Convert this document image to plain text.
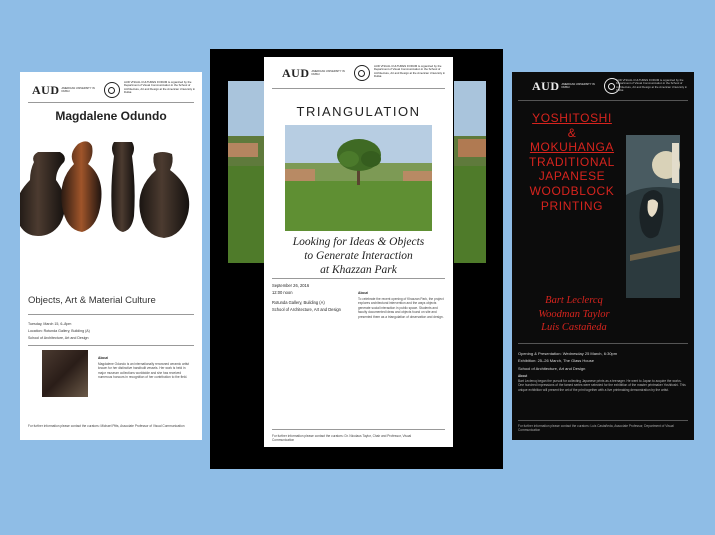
AUD AMERICAN UNIVERSITY IN DUBAI
AUD VISUAL CULTURES FORUM is organized by the Department of Visual Communication in the School of Architecture, Art and Design at the American University in Dubai.
Magdalene Odundo
Objects, Art & Material Culture
Tuesday, March 15, 6–8pm
Location: Rotunda Gallery, Building (A)
School of Architecture, Art and Design
About
Magdalene Odundo is an internationally renowned ceramic artist known for her distinctive handbuilt vessels. Her work is held in major museum collections worldwide and she has received numerous honours in recognition of her contribution to the field.
For further information please contact the curators: Michael Pitts, Associate Professor of Visual Communication
AUD AMERICAN UNIVERSITY IN DUBAI
AUD VISUAL CULTURES FORUM is organized by the Department of Visual Communication in the School of Architecture, Art and Design at the American University in Dubai.
TRIANGULATION
Looking for Ideas & Objects
to Generate Interaction
at Khazzan Park
September 26, 2016
12:00 noon
Rotunda Gallery, Building (A)
School of Architecture, Art and Design
About
To celebrate the recent opening of Khazzan Park, the project explores architectural intervention and the ways objects generate social interaction in public space. Students and faculty documented ideas and objects found on site and presented them as a triangulation of observation and design.
For further information please contact the curators: Dr. Nicolaus Taylor, Chair and Professor, Visual Communication
AUD AMERICAN UNIVERSITY IN DUBAI
AUD VISUAL CULTURES FORUM is organized by the Department of Visual Communication in the School of Architecture, Art and Design at the American University in Dubai.
YOSHITOSHI
&
MOKUHANGA
TRADITIONAL
JAPANESE
WOODBLOCK
PRINTING
Bart Leclercq
Woodman Taylor
Luis Castañeda
Opening & Presentation: Wednesday 25 March, 6:30pm
Exhibition: 25–26 March, The Glass House
School of Architecture, Art and Design
About
Bart Leclercq began the pursuit for collecting Japanese prints as a teenager. He went to Japan to acquire the works. One hundred impressions of the famed series were selected for the exhibition of the master printmaker Yoshitoshi. This unique exhibition will present the art of the print together with a live printmaking demonstration by the artist.
For further information please contact the curators: Luis Castañeda, Associate Professor, Department of Visual Communication
